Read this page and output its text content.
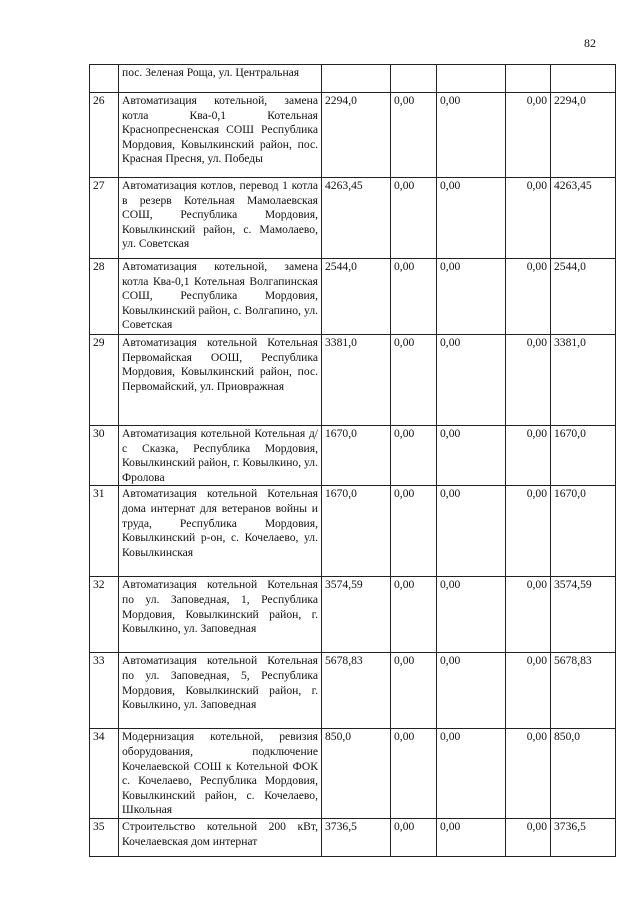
82
	пос. Зеленая Роща, ул. Центральная					
26	Автоматизация котельной, замена котла Ква-0,1 Котельная Краснопресненская СОШ Республика Мордовия, Ковылкинский район, пос. Красная Пресня, ул. Победы	2294,0	0,00	0,00	0,00	2294,0
27	Автоматизация котлов, перевод 1 котла в резерв Котельная Мамолаевская СОШ, Республика Мордовия, Ковылкинский район, с. Мамолаево, ул. Советская	4263,45	0,00	0,00	0,00	4263,45
28	Автоматизация котельной, замена котла Ква-0,1 Котельная Волгапинская СОШ, Республика Мордовия, Ковылкинский район, с. Волгапино, ул. Советская	2544,0	0,00	0,00	0,00	2544,0
29	Автоматизация котельной Котельная Первомайская ООШ, Республика Мордовия, Ковылкинский район, пос. Первомайский, ул. Приовражная	3381,0	0,00	0,00	0,00	3381,0
30	Автоматизация котельной Котельная д/с Сказка, Республика Мордовия, Ковылкинский район, г. Ковылкино, ул. Фролова	1670,0	0,00	0,00	0,00	1670,0
31	Автоматизация котельной Котельная дома интернат для ветеранов войны и труда, Республика Мордовия, Ковылкинский р-он, с. Кочелаево, ул. Ковылкинская	1670,0	0,00	0,00	0,00	1670,0
32	Автоматизация котельной Котельная по ул. Заповедная, 1, Республика Мордовия, Ковылкинский район, г. Ковылкино, ул. Заповедная	3574,59	0,00	0,00	0,00	3574,59
33	Автоматизация котельной Котельная по ул. Заповедная, 5, Республика Мордовия, Ковылкинский район, г. Ковылкино, ул. Заповедная	5678,83	0,00	0,00	0,00	5678,83
34	Модернизация котельной, ревизия оборудования, подключение Кочелаевской СОШ к Котельной ФОК с. Кочелаево, Республика Мордовия, Ковылкинский район, с. Кочелаево, Школьная	850,0	0,00	0,00	0,00	850,0
35	Строительство котельной 200 кВт, Кочелаевская дом интернат	3736,5	0,00	0,00	0,00	3736,5
